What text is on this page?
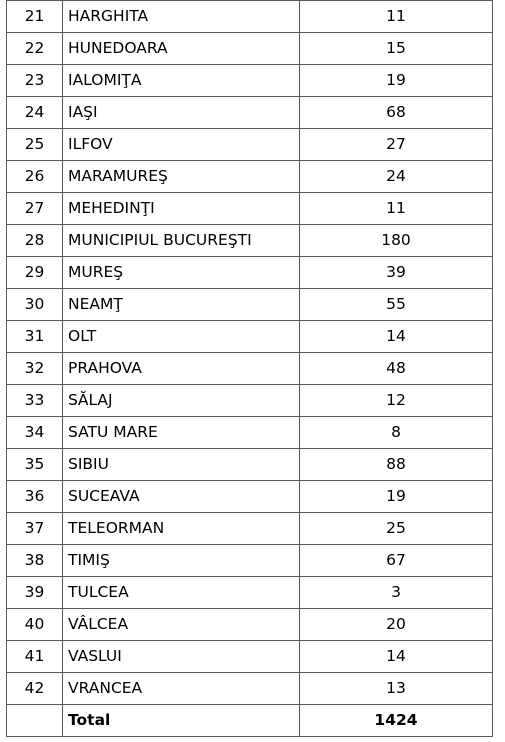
21	HARGHITA	11
22	HUNEDOARA	15
23	IALOMIŢA	19
24	IAŞI	68
25	ILFOV	27
26	MARAMUREŞ	24
27	MEHEDINŢI	11
28	MUNICIPIUL BUCUREŞTI	180
29	MUREŞ	39
30	NEAMŢ	55
31	OLT	14
32	PRAHOVA	48
33	SĂLAJ	12
34	SATU MARE	8
35	SIBIU	88
36	SUCEAVA	19
37	TELEORMAN	25
38	TIMIŞ	67
39	TULCEA	3
40	VÂLCEA	20
41	VASLUI	14
42	VRANCEA	13
	Total	1424
